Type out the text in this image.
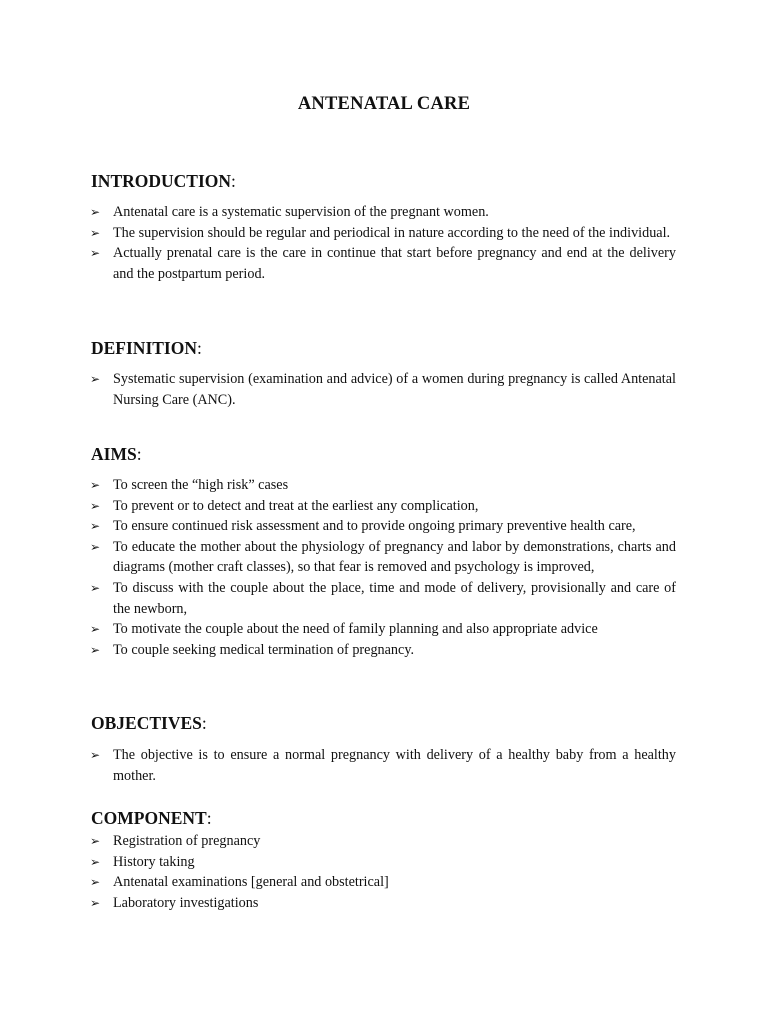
ANTENATAL CARE
INTRODUCTION:
➢ Antenatal care is a systematic supervision of the pregnant women.
➢ The supervision should be regular and periodical in nature according to the need of the individual.
➢ Actually prenatal care is the care in continue that start before pregnancy and end at the delivery and the postpartum period.
DEFINITION:
➢ Systematic supervision (examination and advice) of a women during pregnancy is called Antenatal Nursing Care (ANC).
AIMS:
➢ To screen the “high risk” cases
➢ To prevent or to detect and treat at the earliest any complication,
➢ To ensure continued risk assessment and to provide ongoing primary preventive health care,
➢ To educate the mother about the physiology of pregnancy and labor by demonstrations, charts and diagrams (mother craft classes), so that fear is removed and psychology is improved,
➢ To discuss with the couple about the place, time and mode of delivery, provisionally and care of the newborn,
➢ To motivate the couple about the need of family planning and also appropriate advice
➢ To couple seeking medical termination of pregnancy.
OBJECTIVES:
➢ The objective is to ensure a normal pregnancy with delivery of a healthy baby from a healthy mother.
COMPONENT:
➢ Registration of pregnancy
➢ History taking
➢ Antenatal examinations [general and obstetrical]
➢ Laboratory investigations
